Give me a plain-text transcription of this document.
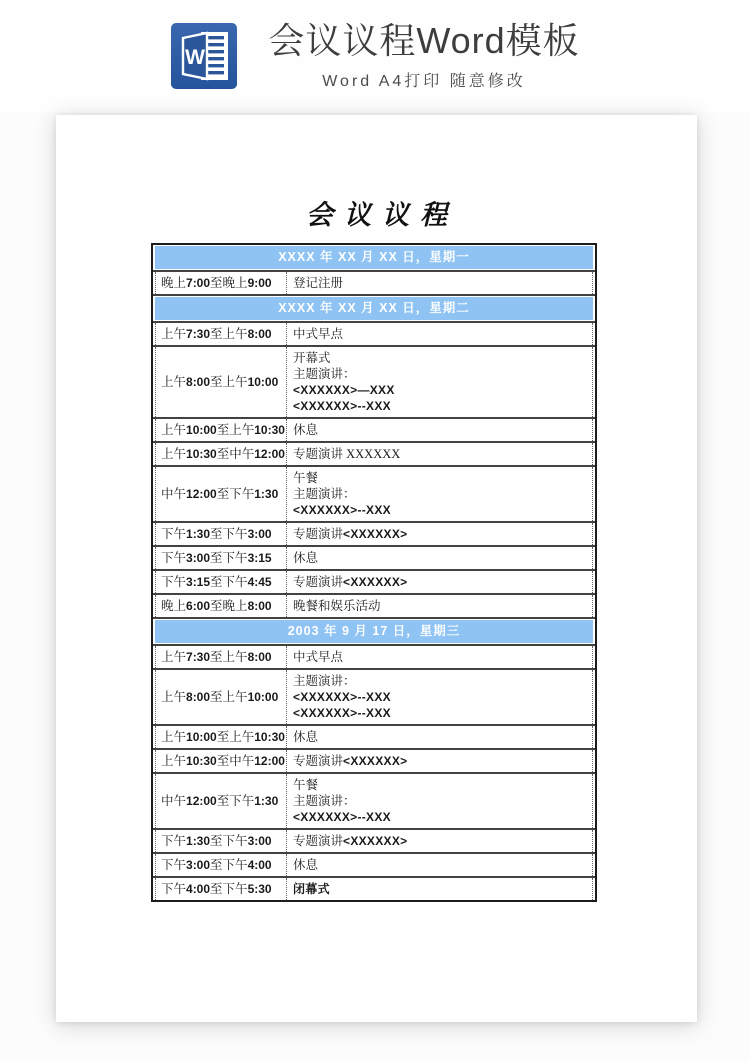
W 会议议程Word模板
Word A4打印 随意修改
会议议程
XXXX 年 XX 月 XX 日，星期一
晚上 7:00 至晚上 9:00 登记注册
XXXX 年 XX 月 XX 日，星期二
上午 7:30 至上午 8:00 中式早点
上午 8:00 至上午 10:00
开幕式
主题演讲：
<XXXXXX>—XXX
<XXXXXX>--XXX
上午 10:00 至上午 10:30 休息
上午 10:30 至中午 12:00 专题演讲 XXXXXX
中午 12:00 至下午 1:30
午餐
主题演讲：
<XXXXXX>--XXX
下午 1:30 至下午 3:00 专题演讲<XXXXXX>
下午 3:00 至下午 3:15 休息
下午 3:15 至下午 4:45 专题演讲<XXXXXX>
晚上 6:00 至晚上 8:00 晚餐和娱乐活动
2003 年 9 月 17 日，星期三
上午 7:30 至上午 8:00 中式早点
上午 8:00 至上午 10:00
主题演讲：
<XXXXXX>--XXX
<XXXXXX>--XXX
上午 10:00 至上午 10:30 休息
上午 10:30 至中午 12:00 专题演讲<XXXXXX>
中午 12:00 至下午 1:30
午餐
主题演讲：
<XXXXXX>--XXX
下午 1:30 至下午 3:00 专题演讲<XXXXXX>
下午 3:00 至下午 4:00 休息
下午 4:00 至下午 5:30 闭幕式
